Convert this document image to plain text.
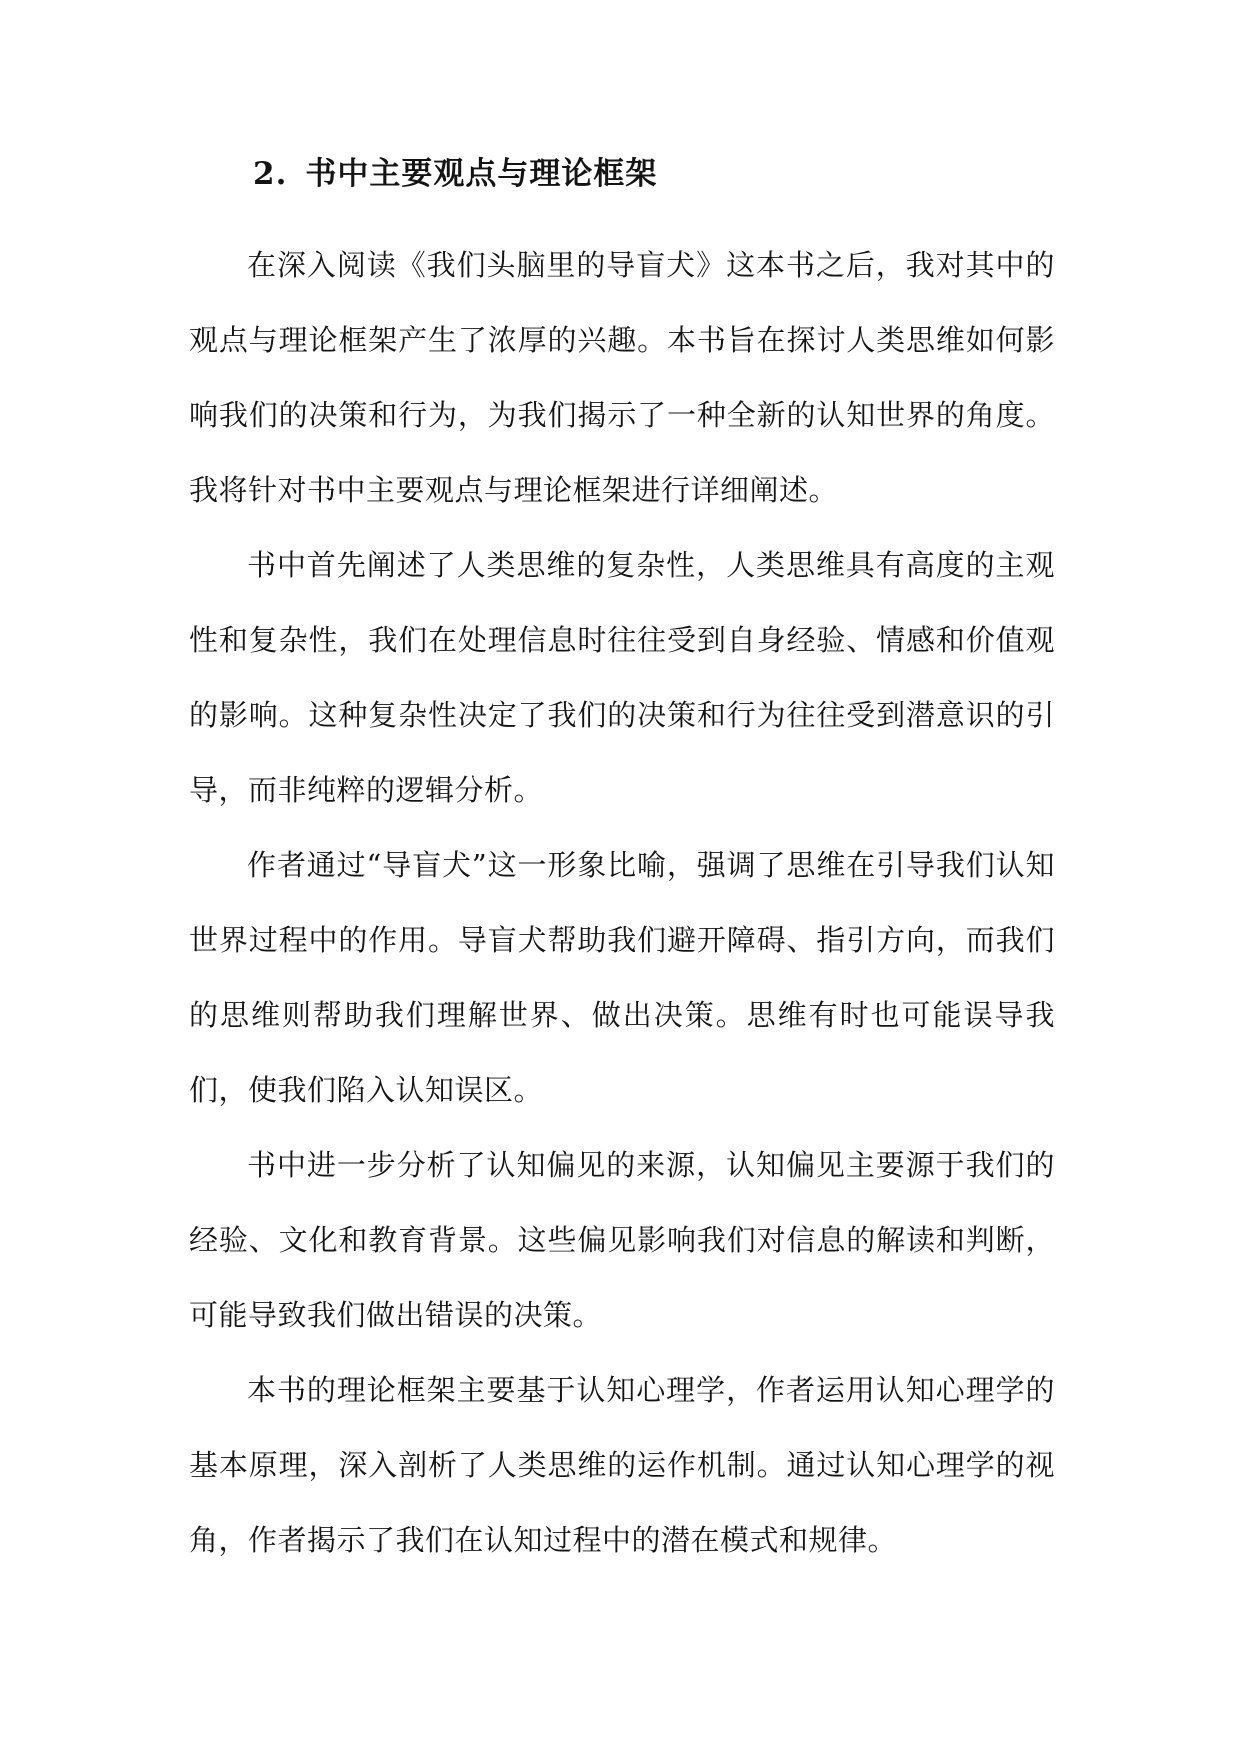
2. 书中主要观点与理论框架

在深入阅读《我们头脑里的导盲犬》这本书之后，我对其中的观点与理论框架产生了浓厚的兴趣。本书旨在探讨人类思维如何影响我们的决策和行为，为我们揭示了一种全新的认知世界的角度。我将针对书中主要观点与理论框架进行详细阐述。

书中首先阐述了人类思维的复杂性，人类思维具有高度的主观性和复杂性，我们在处理信息时往往受到自身经验、情感和价值观的影响。这种复杂性决定了我们的决策和行为往往受到潜意识的引导，而非纯粹的逻辑分析。

作者通过“导盲犬”这一形象比喻，强调了思维在引导我们认知世界过程中的作用。导盲犬帮助我们避开障碍、指引方向，而我们的思维则帮助我们理解世界、做出决策。思维有时也可能误导我们，使我们陷入认知误区。

书中进一步分析了认知偏见的来源，认知偏见主要源于我们的经验、文化和教育背景。这些偏见影响我们对信息的解读和判断，可能导致我们做出错误的决策。

本书的理论框架主要基于认知心理学，作者运用认知心理学的基本原理，深入剖析了人类思维的运作机制。通过认知心理学的视角，作者揭示了我们在认知过程中的潜在模式和规律。
